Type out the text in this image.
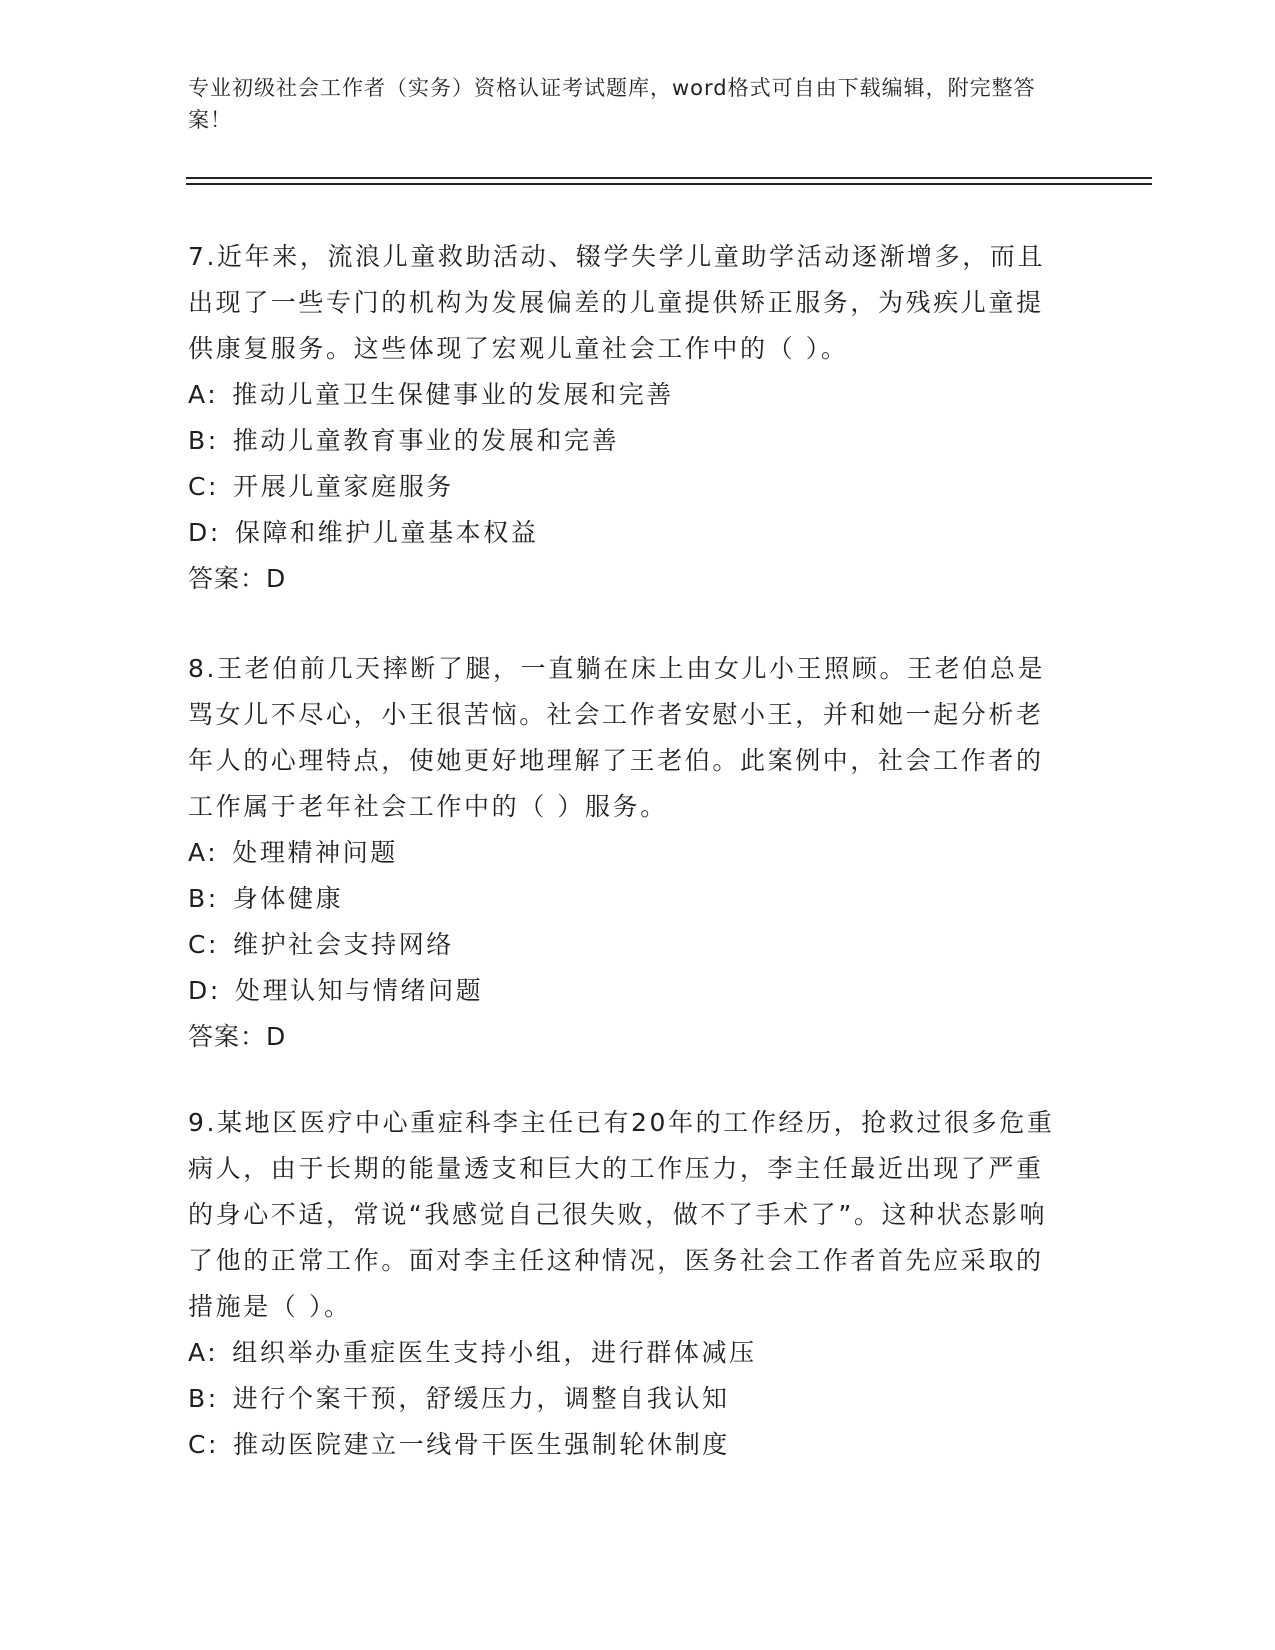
专业初级社会工作者（实务）资格认证考试题库，word格式可自由下载编辑，附完整答案！

7.近年来，流浪儿童救助活动、辍学失学儿童助学活动逐渐增多，而且出现了一些专门的机构为发展偏差的儿童提供矫正服务，为残疾儿童提供康复服务。这些体现了宏观儿童社会工作中的（ ）。

A: 推动儿童卫生保健事业的发展和完善

B: 推动儿童教育事业的发展和完善

C: 开展儿童家庭服务

D: 保障和维护儿童基本权益

答案：D

8.王老伯前几天摔断了腿，一直躺在床上由女儿小王照顾。王老伯总是骂女儿不尽心，小王很苦恼。社会工作者安慰小王，并和她一起分析老年人的心理特点，使她更好地理解了王老伯。此案例中，社会工作者的工作属于老年社会工作中的（ ）服务。

A: 处理精神问题

B: 身体健康

C: 维护社会支持网络

D: 处理认知与情绪问题

答案：D

9.某地区医疗中心重症科李主任已有20年的工作经历，抢救过很多危重病人，由于长期的能量透支和巨大的工作压力，李主任最近出现了严重的身心不适，常说“我感觉自己很失败，做不了手术了”。这种状态影响了他的正常工作。面对李主任这种情况，医务社会工作者首先应采取的措施是（ ）。

A: 组织举办重症医生支持小组，进行群体减压

B: 进行个案干预，舒缓压力，调整自我认知

C: 推动医院建立一线骨干医生强制轮休制度
